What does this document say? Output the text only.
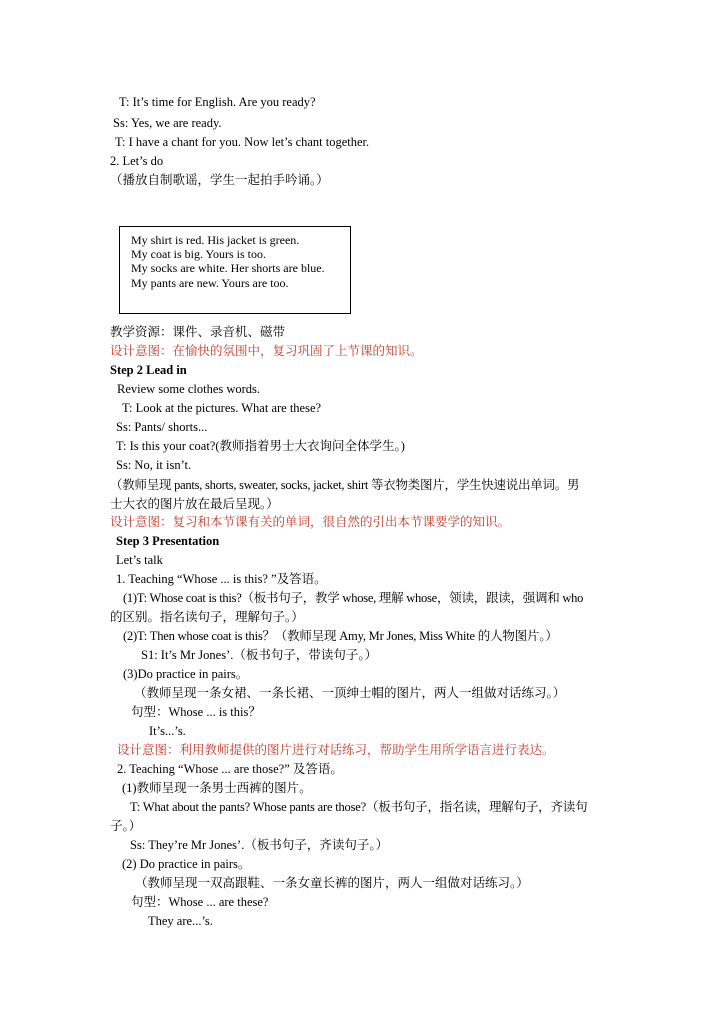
T: It’s time for English. Are you ready?
Ss: Yes, we are ready.
T: I have a chant for you. Now let’s chant together.
2. Let’s do
（播放自制歌谣，学生一起拍手吟诵。）
My shirt is red. His jacket is green.
My coat is big. Yours is too.
My socks are white. Her shorts are blue.
My pants are new. Yours are too.
教学资源：课件、录音机、磁带
设计意图：在愉快的氛围中，复习巩固了上节课的知识。
Step 2 Lead in
Review some clothes words.
T: Look at the pictures. What are these?
Ss: Pants/ shorts...
T: Is this your coat?(教师指着男士大衣询问全体学生。)
Ss: No, it isn’t.
（教师呈现 pants, shorts, sweater, socks, jacket, shirt 等衣物类图片，学生快速说出单词。男
士大衣的图片放在最后呈现。）
设计意图：复习和本节课有关的单词，很自然的引出本节课要学的知识。
Step 3 Presentation
Let’s talk
1. Teaching “Whose ... is this? ”及答语。
(1)T: Whose coat is this?（板书句子，教学 whose, 理解 whose，领读，跟读，强调和 who
的区别。指名读句子，理解句子。）
(2)T: Then whose coat is this？（教师呈现 Amy, Mr Jones, Miss White 的人物图片。）
S1: It’s Mr Jones’.（板书句子，带读句子。）
(3)Do practice in pairs。
（教师呈现一条女裙、一条长裙、一顶绅士帽的图片，两人一组做对话练习。）
句型：Whose ... is this？
It’s...’s.
设计意图：利用教师提供的图片进行对话练习，帮助学生用所学语言进行表达。
2. Teaching “Whose ... are those?” 及答语。
(1)教师呈现一条男士西裤的图片。
T: What about the pants? Whose pants are those?（板书句子，指名读，理解句子，齐读句
子。）
Ss: They’re Mr Jones’.（板书句子，齐读句子。）
(2) Do practice in pairs。
（教师呈现一双高跟鞋、一条女童长裤的图片，两人一组做对话练习。）
句型：Whose ... are these?
They are...’s.
